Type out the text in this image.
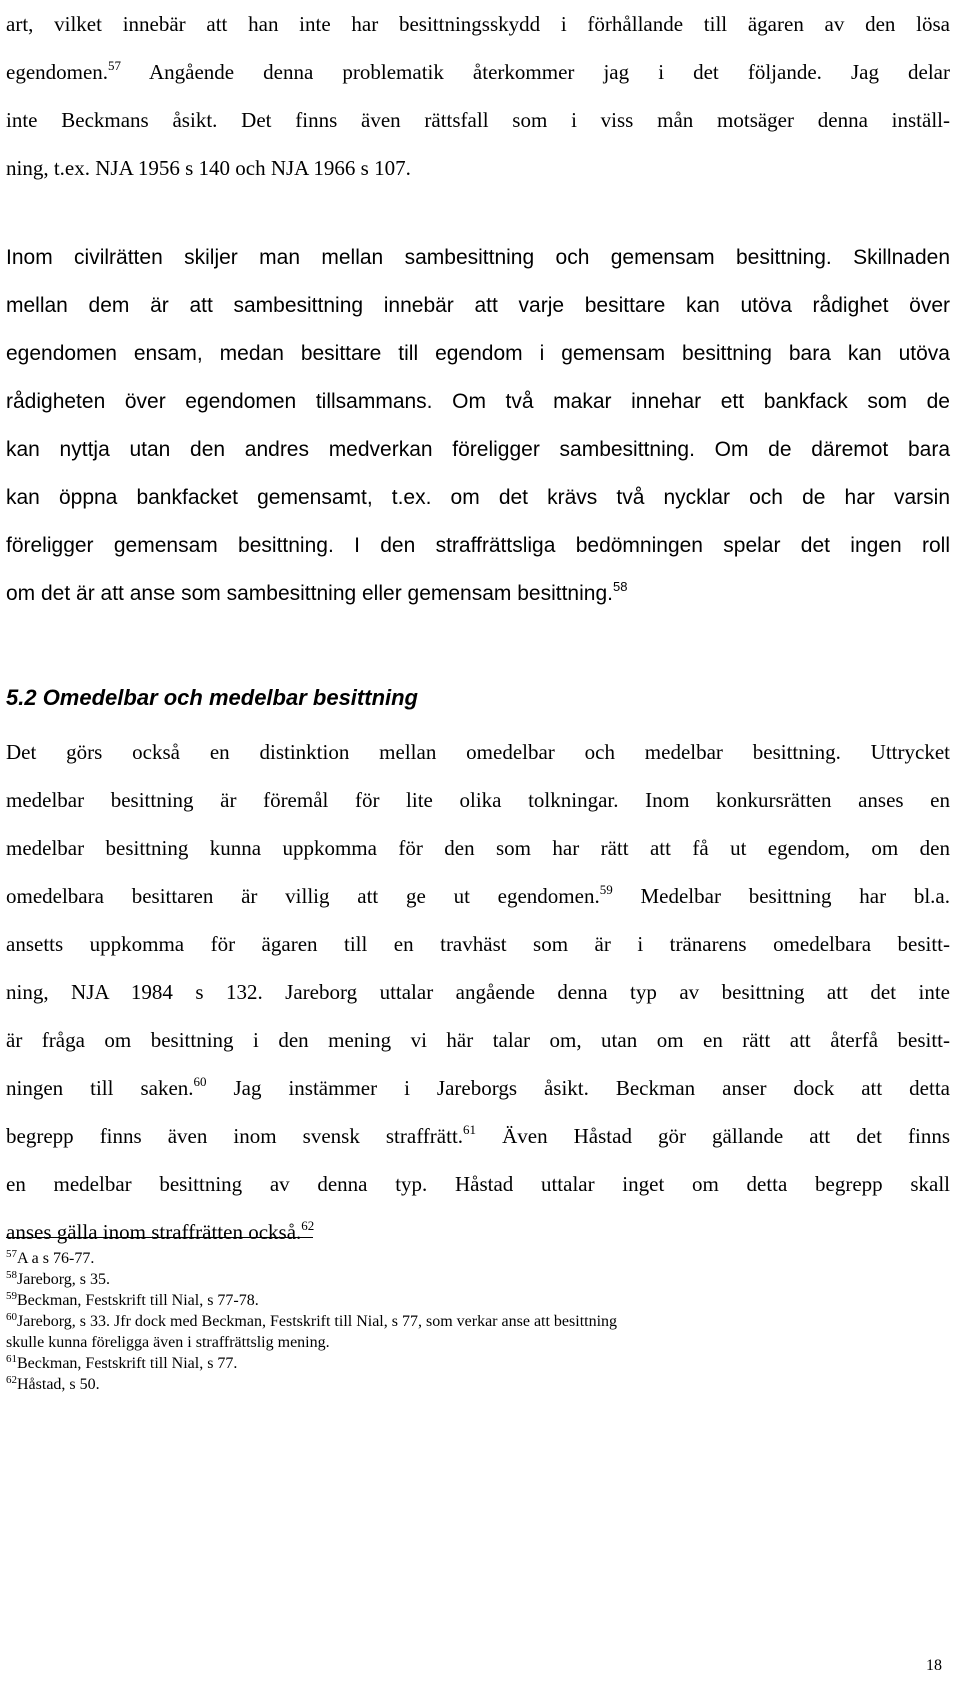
art, vilket innebär att han inte har besittningsskydd i förhållande till ägaren av den lösa
egendomen.$^{57}$ Angående denna problematik återkommer jag i det följande. Jag delar
inte Beckmans åsikt. Det finns även rättsfall som i viss mån motsäger denna inställ-
ning, t.ex. NJA 1956 s 140 och NJA 1966 s 107.
Inom civilrätten skiljer man mellan sambesittning och gemensam besittning. Skillnaden
mellan dem är att sambesittning innebär att varje besittare kan utöva rådighet över
egendomen ensam, medan besittare till egendom i gemensam besittning bara kan utöva
rådigheten över egendomen tillsammans. Om två makar innehar ett bankfack som de
kan nyttja utan den andres medverkan föreligger sambesittning. Om de däremot bara
kan öppna bankfacket gemensamt, t.ex. om det krävs två nycklar och de har varsin
föreligger gemensam besittning. I den straffrättsliga bedömningen spelar det ingen roll
om det är att anse som sambesittning eller gemensam besittning.$^{58}$
5.2 Omedelbar och medelbar besittning
Det görs också en distinktion mellan omedelbar och medelbar besittning. Uttrycket
medelbar besittning är föremål för lite olika tolkningar. Inom konkursrätten anses en
medelbar besittning kunna uppkomma för den som har rätt att få ut egendom, om den
omedelbara besittaren är villig att ge ut egendomen.$^{59}$ Medelbar besittning har bl.a.
ansetts uppkomma för ägaren till en travhäst som är i tränarens omedelbara besitt-
ning, NJA 1984 s 132. Jareborg uttalar angående denna typ av besittning att det inte
är fråga om besittning i den mening vi här talar om, utan om en rätt att återfå besitt-
ningen till saken.$^{60}$ Jag instämmer i Jareborgs åsikt. Beckman anser dock att detta
begrepp finns även inom svensk straffrätt.$^{61}$ Även Håstad gör gällande att det finns
en medelbar besittning av denna typ. Håstad uttalar inget om detta begrepp skall
anses gälla inom straffrätten också.$^{62}$
$^{57}$A a s 76-77.
$^{58}$Jareborg, s 35.
$^{59}$Beckman, Festskrift till Nial, s 77-78.
$^{60}$Jareborg, s 33. Jfr dock med Beckman, Festskrift till Nial, s 77, som verkar anse att besittning
skulle kunna föreligga även i straffrättslig mening.
$^{61}$Beckman, Festskrift till Nial, s 77.
$^{62}$Håstad, s 50.
18
